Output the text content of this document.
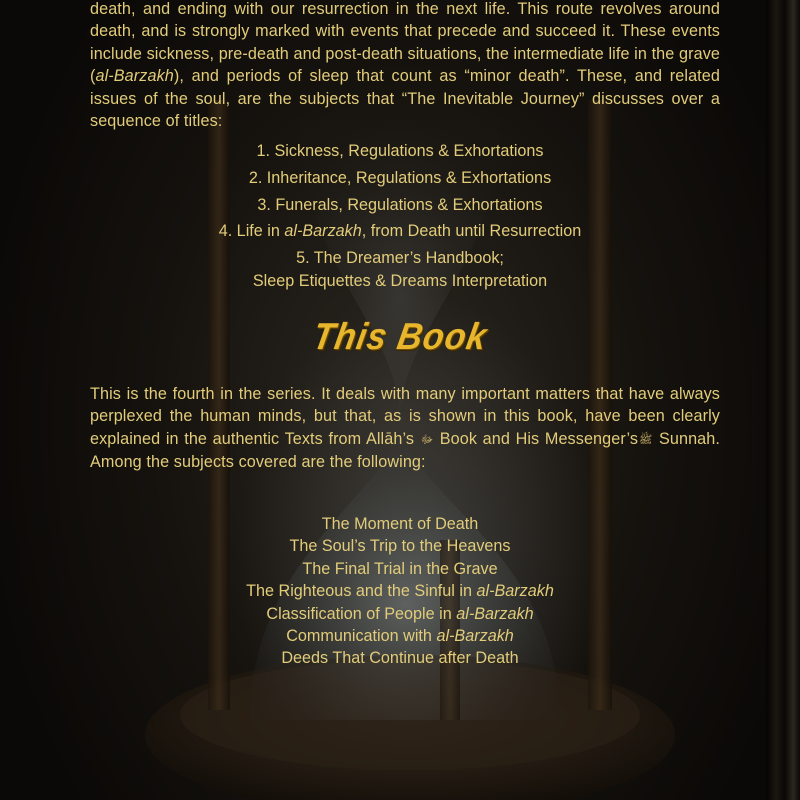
death, and ending with our resurrection in the next life. This route revolves around death, and is strongly marked with events that precede and succeed it. These events include sickness, pre-death and post-death situations, the intermediate life in the grave (al-Barzakh), and periods of sleep that count as “minor death”. These, and related issues of the soul, are the subjects that “The Inevitable Journey” discusses over a sequence of titles:
1. Sickness, Regulations & Exhortations
2. Inheritance, Regulations & Exhortations
3. Funerals, Regulations & Exhortations
4. Life in al-Barzakh, from Death until Resurrection
5. The Dreamer’s Handbook;
Sleep Etiquettes & Dreams Interpretation
This Book
This is the fourth in the series. It deals with many important matters that have always perplexed the human minds, but that, as is shown in this book, have been clearly explained in the authentic Texts from Allāh’s ﷻ Book and His Messenger’sﷺ Sunnah. Among the subjects covered are the following:
The Moment of Death
The Soul’s Trip to the Heavens
The Final Trial in the Grave
The Righteous and the Sinful in al-Barzakh
Classification of People in al-Barzakh
Communication with al-Barzakh
Deeds That Continue after Death
